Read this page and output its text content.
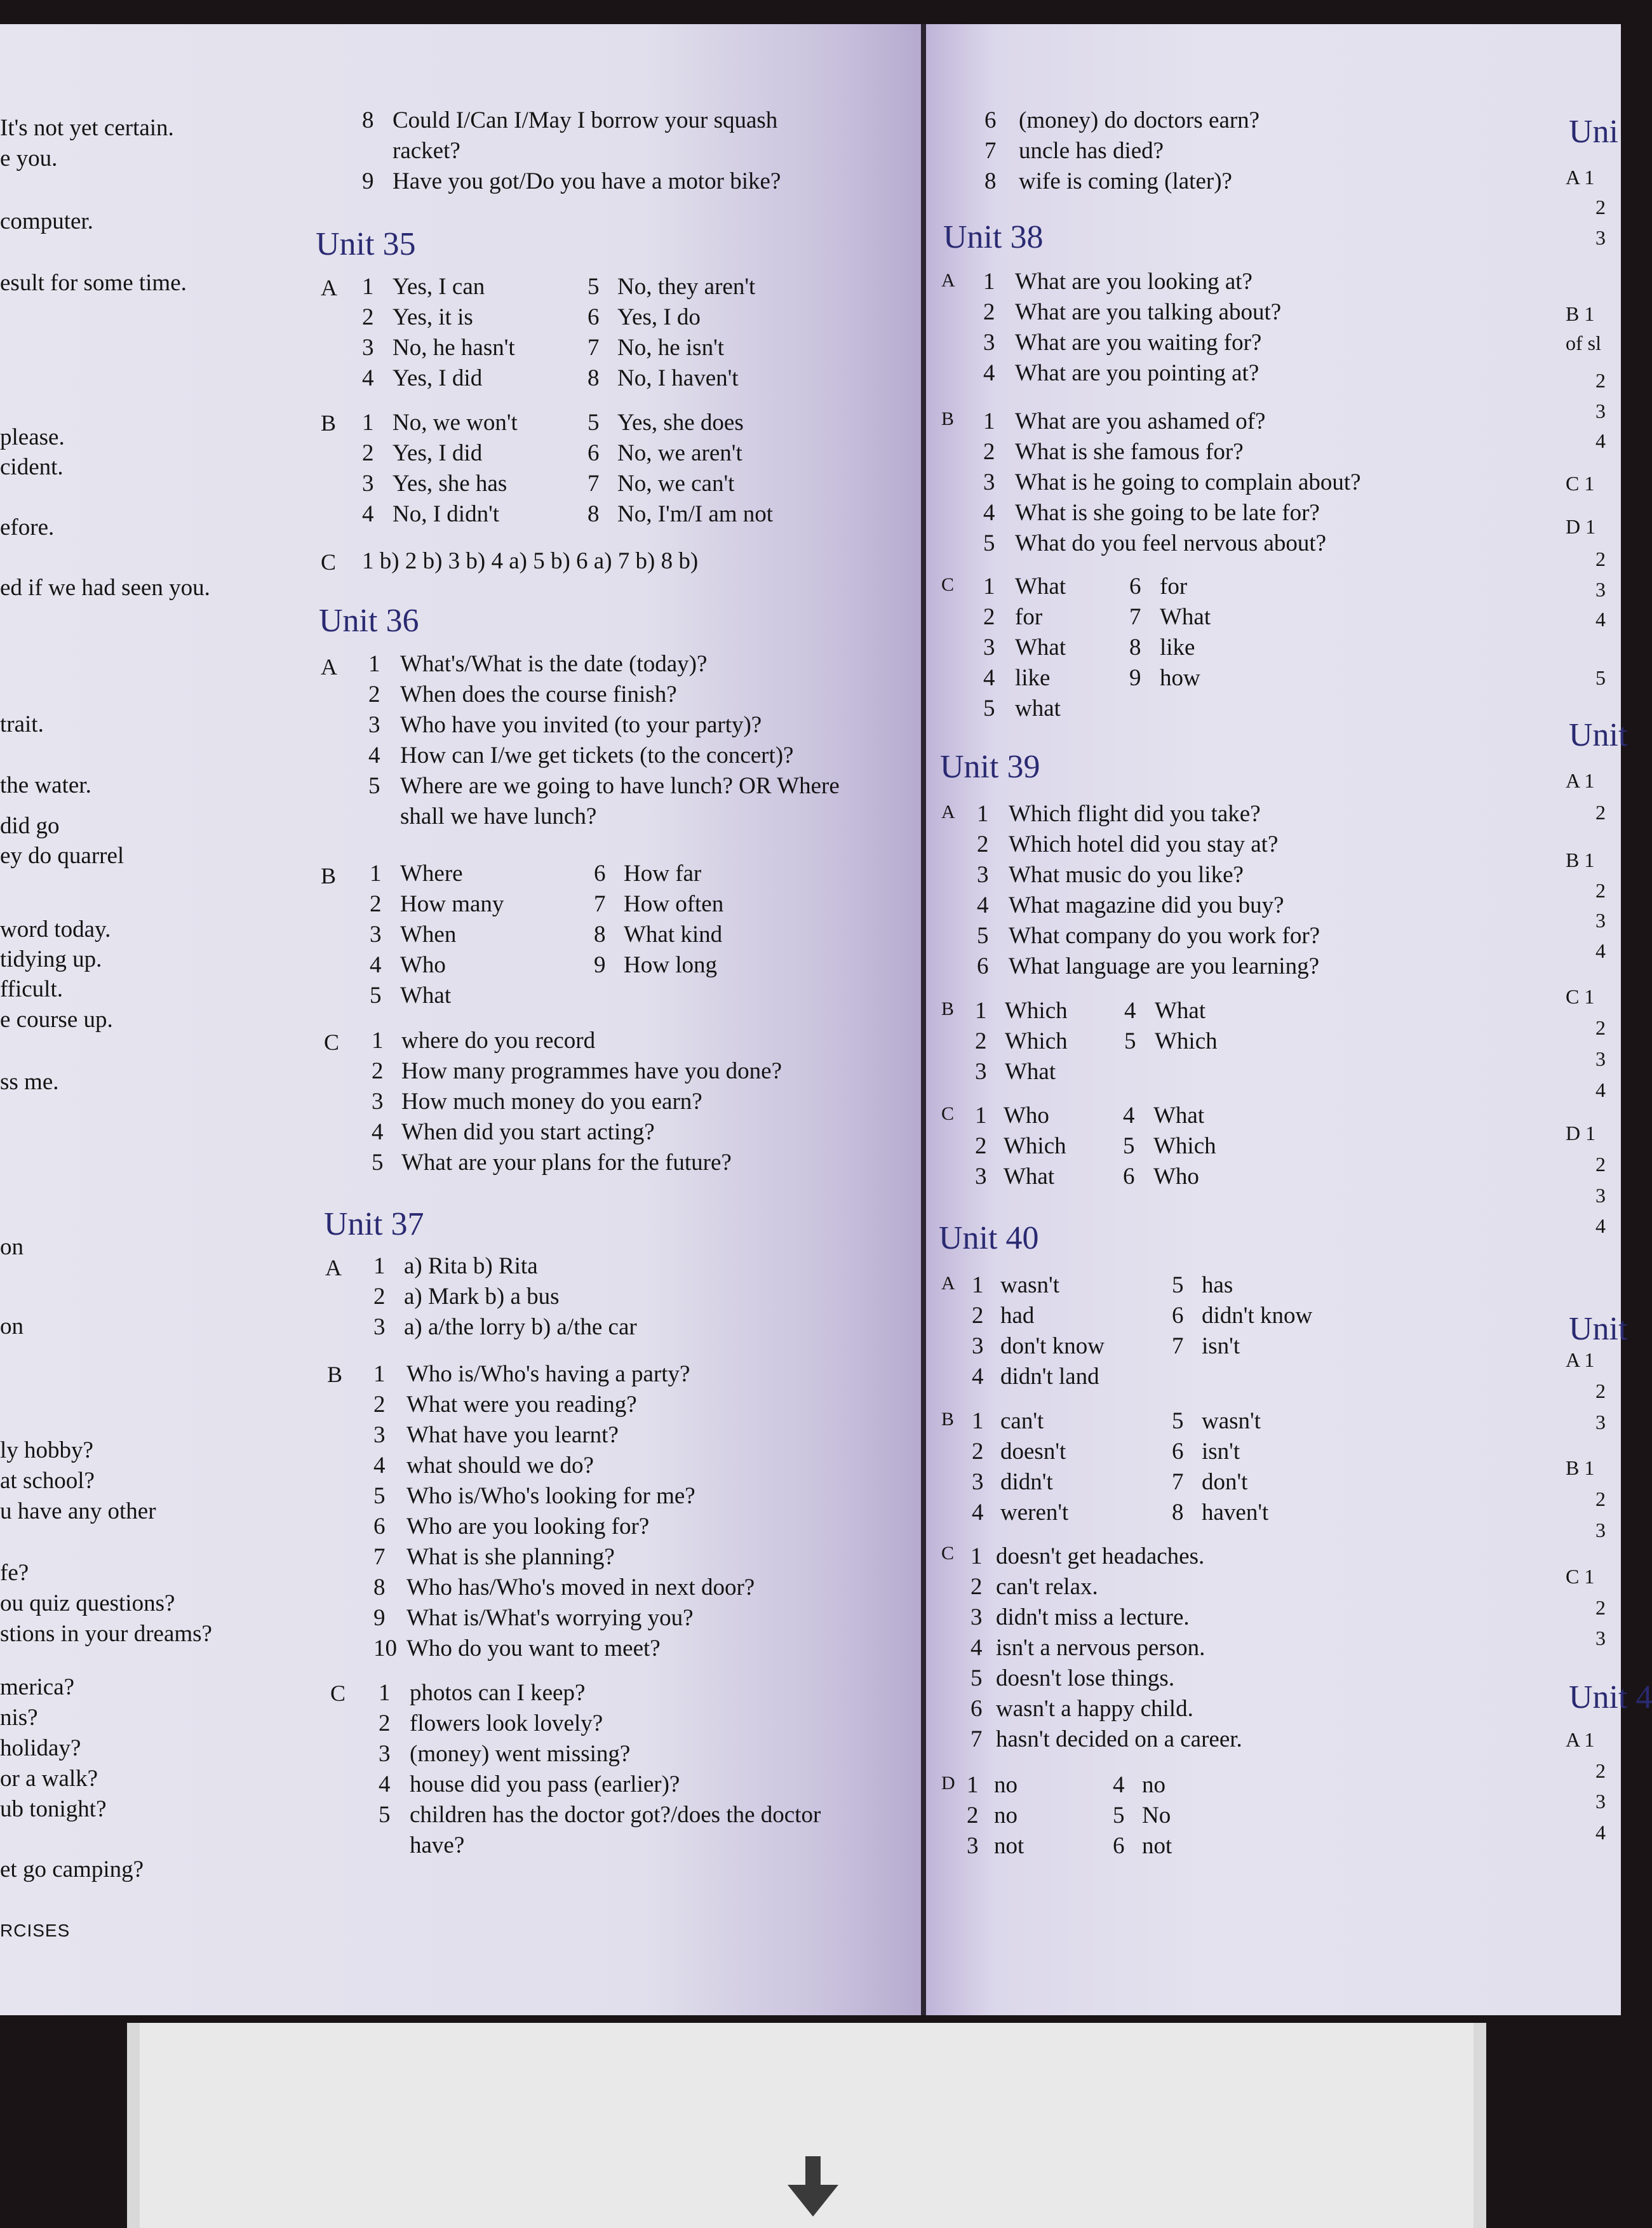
It's not yet certain.
e you.
computer.
esult for some time.
please.
cident.
efore.
ed if we had seen you.
trait.
the water.
did go
ey do quarrel
word today.
tidying up.
fficult.
e course up.
ss me.
on
on
ly hobby?
at school?
u have any other
fe?
ou quiz questions?
stions in your dreams?
merica?
nis?
holiday?
or a walk?
ub tonight?
et go camping?
8 Could I/Can I/May I borrow your squash
racket?
9 Have you got/Do you have a motor bike?
Unit 35
A 1 Yes, I can
2 Yes, it is
3 No, he hasn't
4 Yes, I did
5 No, they aren't
6 Yes, I do
7 No, he isn't
8 No, I haven't
B 1 No, we won't
2 Yes, I did
3 Yes, she has
4 No, I didn't
5 Yes, she does
6 No, we aren't
7 No, we can't
8 No, I'm/I am not
C 1 b) 2 b) 3 b) 4 a) 5 b) 6 a) 7 b) 8 b)
Unit 36
A 1 What's/What is the date (today)?
2 When does the course finish?
3 Who have you invited (to your party)?
4 How can I/we get tickets (to the concert)?
5 Where are we going to have lunch? OR Where
shall we have lunch?
B 1 Where
2 How many
3 When
4 Who
5 What
6 How far
7 How often
8 What kind
9 How long
C 1 where do you record
2 How many programmes have you done?
3 How much money do you earn?
4 When did you start acting?
5 What are your plans for the future?
Unit 37
A 1 a) Rita b) Rita
2 a) Mark b) a bus
3 a) a/the lorry b) a/the car
B 1 Who is/Who's having a party?
2 What were you reading?
3 What have you learnt?
4 what should we do?
5 Who is/Who's looking for me?
6 Who are you looking for?
7 What is she planning?
8 Who has/Who's moved in next door?
9 What is/What's worrying you?
10 Who do you want to meet?
C 1 photos can I keep?
2 flowers look lovely?
3 (money) went missing?
4 house did you pass (earlier)?
5 children has the doctor got?/does the doctor
have?
6 (money) do doctors earn?
7 uncle has died?
8 wife is coming (later)?
Unit 38
A 1 What are you looking at?
2 What are you talking about?
3 What are you waiting for?
4 What are you pointing at?
B 1 What are you ashamed of?
2 What is she famous for?
3 What is he going to complain about?
4 What is she going to be late for?
5 What do you feel nervous about?
C 1 What
2 for
3 What
4 like
5 what
6 for
7 What
8 like
9 how
Unit 39
A 1 Which flight did you take?
2 Which hotel did you stay at?
3 What music do you like?
4 What magazine did you buy?
5 What company do you work for?
6 What language are you learning?
B 1 Which
2 Which
3 What
4 What
5 Which
C 1 Who
2 Which
3 What
4 What
5 Which
6 Who
Unit 40
A 1 wasn't
2 had
3 don't know
4 didn't land
5 has
6 didn't know
7 isn't
B 1 can't
2 doesn't
3 didn't
4 weren't
5 wasn't
6 isn't
7 don't
8 haven't
C 1 doesn't get headaches.
2 can't relax.
3 didn't miss a lecture.
4 isn't a nervous person.
5 doesn't lose things.
6 wasn't a happy child.
7 hasn't decided on a career.
D 1 no
2 no
3 not
4 no
5 No
6 not
Uni
Unit
Unit
Unit 4
A 1
2
3
B 1
of sl
2
3
4
C 1
D 1
2
3
4
5
A 1
2
B 1
2
3
4
C 1
2
3
4
D 1
2
3
4
A 1
2
3
B 1
2
3
C 1
2
3
A 1
2
3
4
RCISES
